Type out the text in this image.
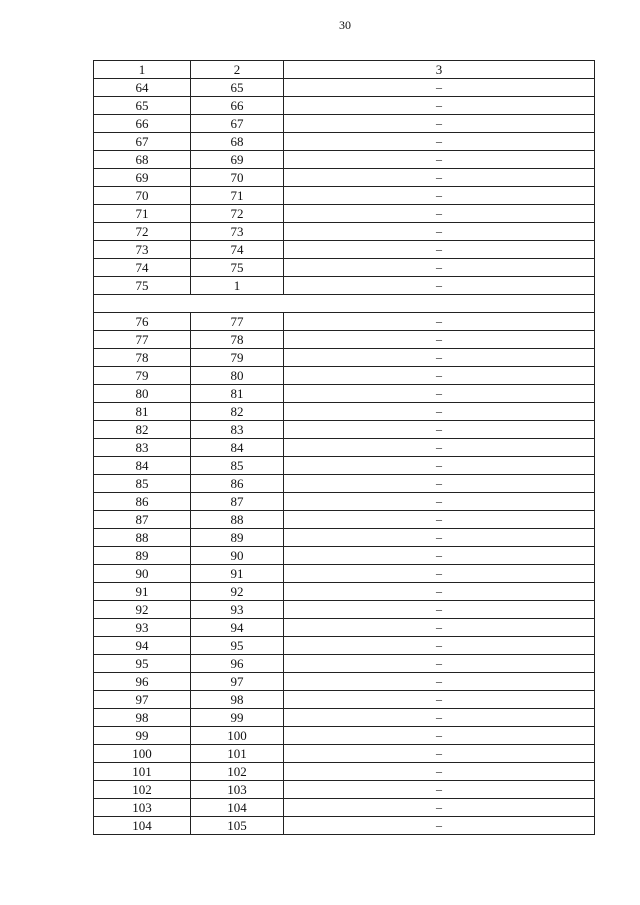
30
1	2	3
64	65	–
65	66	–
66	67	–
67	68	–
68	69	–
69	70	–
70	71	–
71	72	–
72	73	–
73	74	–
74	75	–
75	1	–

76	77	–
77	78	–
78	79	–
79	80	–
80	81	–
81	82	–
82	83	–
83	84	–
84	85	–
85	86	–
86	87	–
87	88	–
88	89	–
89	90	–
90	91	–
91	92	–
92	93	–
93	94	–
94	95	–
95	96	–
96	97	–
97	98	–
98	99	–
99	100	–
100	101	–
101	102	–
102	103	–
103	104	–
104	105	–
